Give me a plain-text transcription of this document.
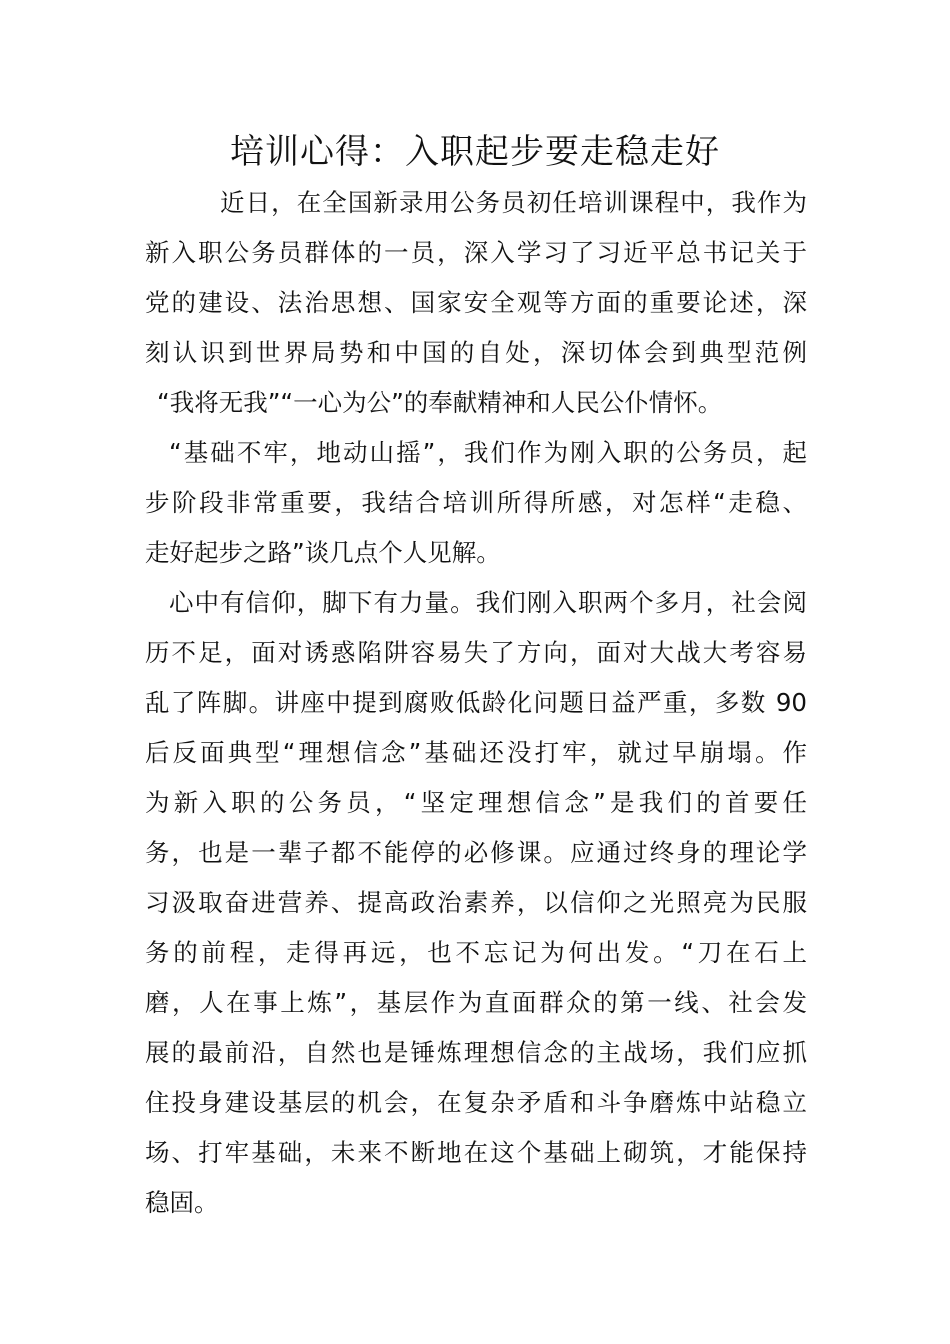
培训心得：入职起步要走稳走好
近日，在全国新录用公务员初任培训课程中，我作为
新入职公务员群体的一员，深入学习了习近平总书记关于
党的建设、法治思想、国家安全观等方面的重要论述，深
刻认识到世界局势和中国的自处，深切体会到典型范例
“我将无我”“一心为公”的奉献精神和人民公仆情怀。
“基础不牢，地动山摇”，我们作为刚入职的公务员，起
步阶段非常重要，我结合培训所得所感，对怎样“走稳、
走好起步之路”谈几点个人见解。
心中有信仰，脚下有力量。我们刚入职两个多月，社会阅
历不足，面对诱惑陷阱容易失了方向，面对大战大考容易
乱了阵脚。讲座中提到腐败低龄化问题日益严重，多数 90
后反面典型“理想信念”基础还没打牢，就过早崩塌。作
为新入职的公务员，“坚定理想信念”是我们的首要任
务，也是一辈子都不能停的必修课。应通过终身的理论学
习汲取奋进营养、提高政治素养，以信仰之光照亮为民服
务的前程，走得再远，也不忘记为何出发。“刀在石上
磨，人在事上炼”，基层作为直面群众的第一线、社会发
展的最前沿，自然也是锤炼理想信念的主战场，我们应抓
住投身建设基层的机会，在复杂矛盾和斗争磨炼中站稳立
场、打牢基础，未来不断地在这个基础上砌筑，才能保持
稳固。
